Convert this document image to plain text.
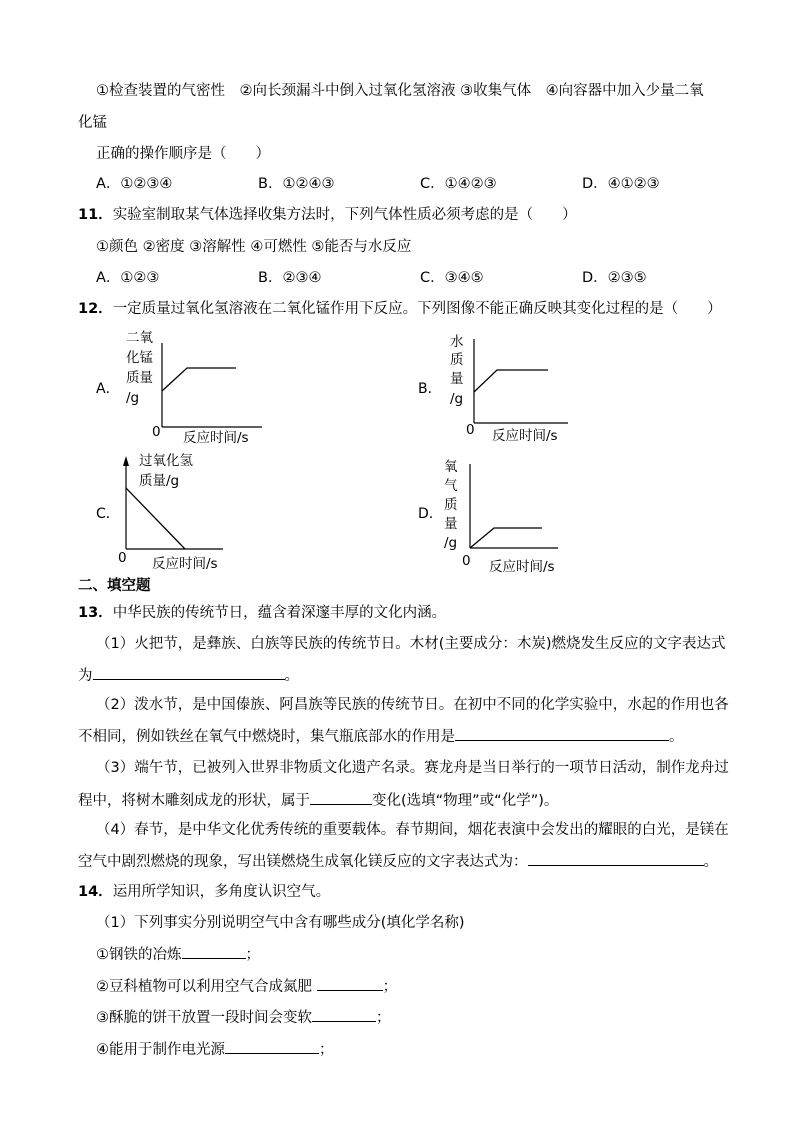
①检查装置的气密性　②向长颈漏斗中倒入过氧化氢溶液 ③收集气体　④向容器中加入少量二氧
化锰
正确的操作顺序是（　　）
A．①②③④	B．①②④③	C．①④②③	D．④①②③
11．实验室制取某气体选择收集方法时，下列气体性质必须考虑的是（　　）
①颜色 ②密度 ③溶解性 ④可燃性 ⑤能否与水反应
A．①②③	B．②③④	C．③④⑤	D．②③⑤
12．一定质量过氧化氢溶液在二氧化锰作用下反应。下列图像不能正确反映其变化过程的是（　　）
A．
二氧
化锰
质量
/g
0 反应时间/s
B．
水
质
量
/g
0 反应时间/s
C．
过氧化氢
质量/g
0 反应时间/s
D．
氧
气
质
量
/g
0 反应时间/s
二、填空题
13．中华民族的传统节日，蕴含着深邃丰厚的文化内涵。
（1）火把节，是彝族、白族等民族的传统节日。木材(主要成分：木炭)燃烧发生反应的文字表达式
为	。
（2）泼水节，是中国傣族、阿昌族等民族的传统节日。在初中不同的化学实验中，水起的作用也各
不相同，例如铁丝在氧气中燃烧时，集气瓶底部水的作用是	。
（3）端午节，已被列入世界非物质文化遗产名录。赛龙舟是当日举行的一项节日活动，制作龙舟过
程中，将树木雕刻成龙的形状，属于	变化(选填“物理”或“化学”)。
（4）春节，是中华文化优秀传统的重要载体。春节期间，烟花表演中会发出的耀眼的白光，是镁在
空气中剧烈燃烧的现象，写出镁燃烧生成氧化镁反应的文字表达式为：	。
14．运用所学知识，多角度认识空气。
（1）下列事实分别说明空气中含有哪些成分(填化学名称)
①钢铁的冶炼	；
②豆科植物可以利用空气合成氮肥	；
③酥脆的饼干放置一段时间会变软	；
④能用于制作电光源	；
